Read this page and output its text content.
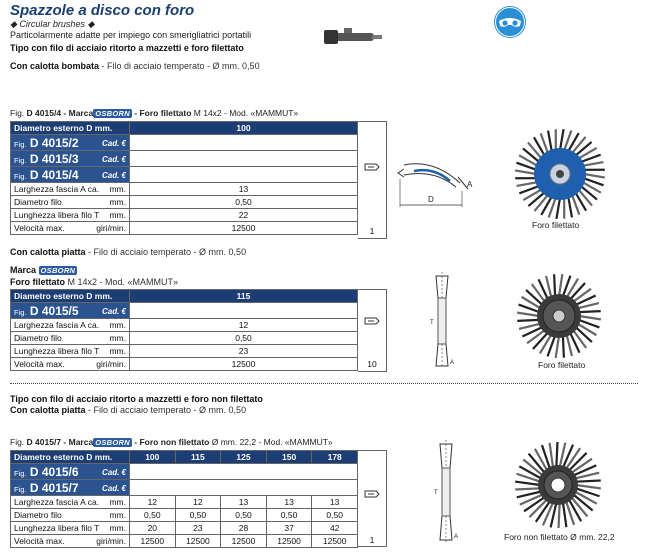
Spazzole a disco con foro
◆ Circular brushes ◆
Particolarmente adatte per impiego con smerigliatrici portatili
Tipo con filo di acciaio ritorto a mazzetti e foro filettato
Con calotta bombata - Filo di acciaio temperato - Ø mm. 0,50
Fig. D 4015/4 - Marca OSBORN - Foro filettato M 14x2 - Mod. «MAMMUT»
Diametro esterno D mm.	100
Fig. D 4015/2 Cad. €	

Fig. D 4015/3 Cad. €	

Fig. D 4015/4 Cad. €	

Larghezza fascia A ca. mm.	13
Diametro filo mm.	0,50
Lunghezza libera filo T mm.	22
Velocità max. giri/min.	12500	1
A
D
Foro filettato
Con calotta piatta - Filo di acciaio temperato - Ø mm. 0,50
Marca OSBORN
Foro filettato M 14x2 - Mod. «MAMMUT»
Diametro esterno D mm.	115
Fig. D 4015/5 Cad. €	

Larghezza fascia A ca. mm.	12
Diametro filo mm.	0,50
Lunghezza libera filo T mm.	23
Velocità max. giri/min.	12500	10
T
A	Foro filettato
Tipo con filo di acciaio ritorto a mazzetti e foro non filettato
Con calotta piatta - Filo di acciaio temperato - Ø mm. 0,50
Fig. D 4015/7 - Marca OSBORN - Foro non filettato Ø mm. 22,2 - Mod. «MAMMUT»
Diametro esterno D mm.	100	115	125	150	178
Fig. D 4015/6 Cad. €					

Fig. D 4015/7 Cad. €					

Larghezza fascia A ca. mm.	12	12	13	13	13
Diametro filo mm.	0,50	0,50	0,50	0,50	0,50
Lunghezza libera filo T mm.	20	23	28	37	42
Velocità max. giri/min.	12500	12500	12500	12500	12500	1
T
A	Foro non filettato Ø mm. 22,2
